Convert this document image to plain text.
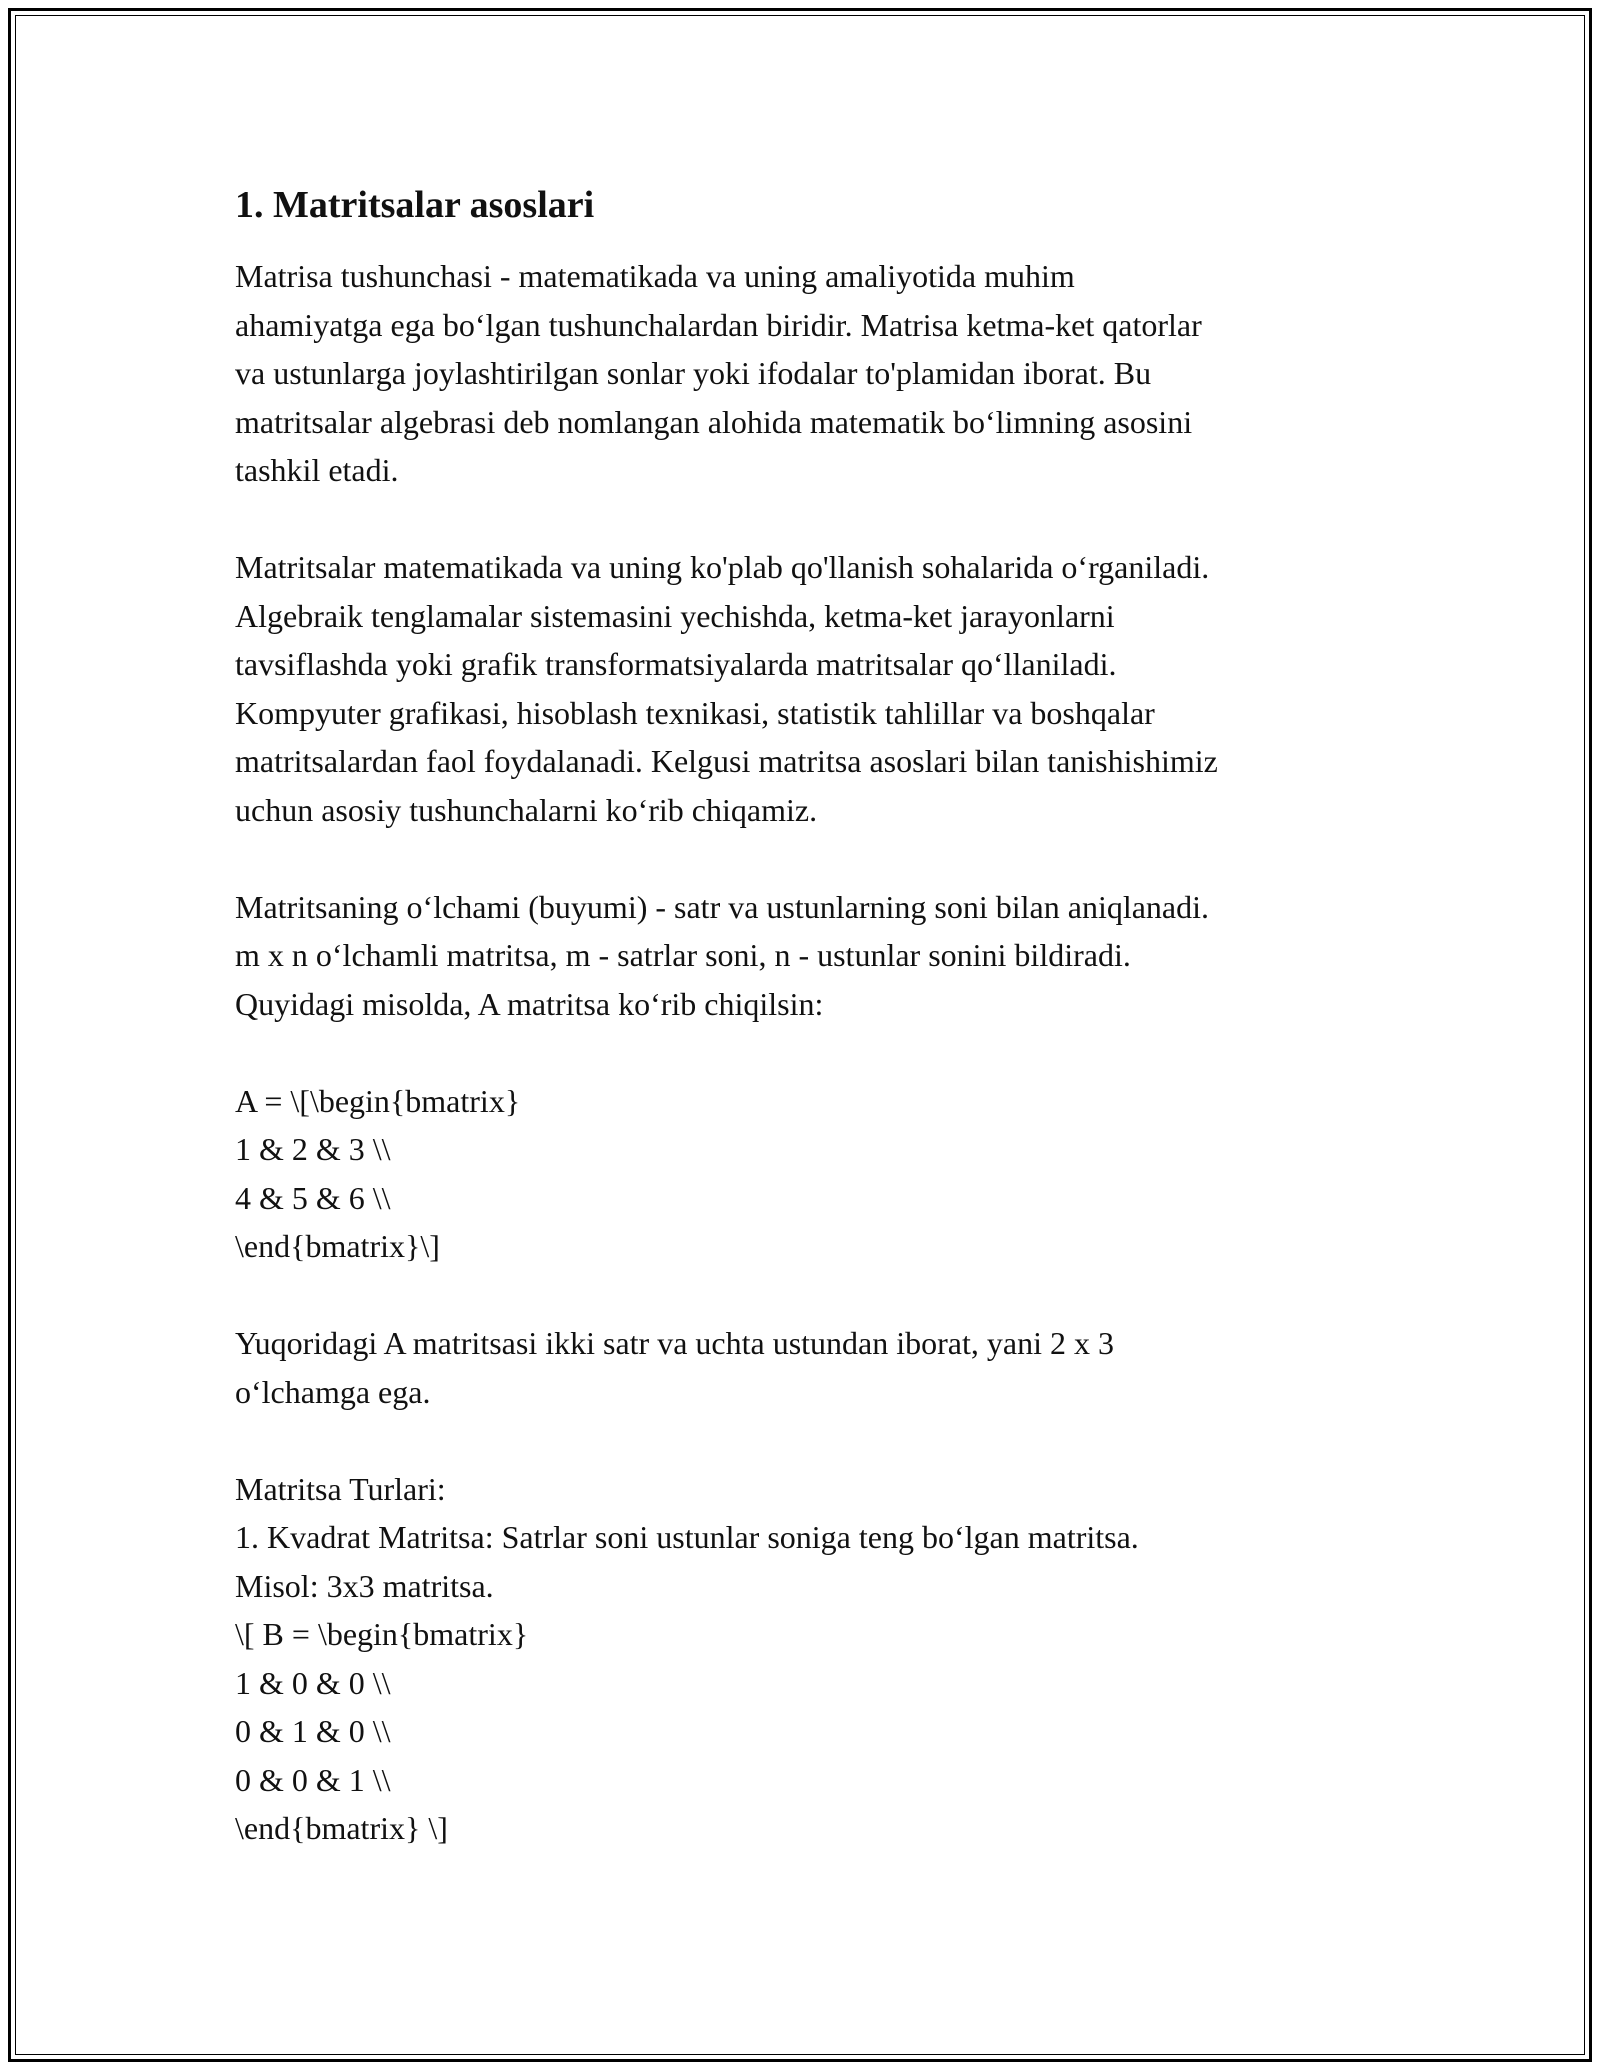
1. Matritsalar asoslari

Matrisa tushunchasi - matematikada va uning amaliyotida muhim
ahamiyatga ega bo‘lgan tushunchalardan biridir. Matrisa ketma-ket qatorlar
va ustunlarga joylashtirilgan sonlar yoki ifodalar to'plamidan iborat. Bu
matritsalar algebrasi deb nomlangan alohida matematik bo‘limning asosini
tashkil etadi.

Matritsalar matematikada va uning ko'plab qo'llanish sohalarida o‘rganiladi.
Algebraik tenglamalar sistemasini yechishda, ketma-ket jarayonlarni
tavsiflashda yoki grafik transformatsiyalarda matritsalar qo‘llaniladi.
Kompyuter grafikasi, hisoblash texnikasi, statistik tahlillar va boshqalar
matritsalardan faol foydalanadi. Kelgusi matritsa asoslari bilan tanishishimiz
uchun asosiy tushunchalarni ko‘rib chiqamiz.

Matritsaning o‘lchami (buyumi) - satr va ustunlarning soni bilan aniqlanadi.
m x n o‘lchamli matritsa, m - satrlar soni, n - ustunlar sonini bildiradi.
Quyidagi misolda, A matritsa ko‘rib chiqilsin:

A = \[\begin{bmatrix}
1 & 2 & 3 \\
4 & 5 & 6 \\
\end{bmatrix}\]

Yuqoridagi A matritsasi ikki satr va uchta ustundan iborat, yani 2 x 3
o‘lchamga ega.

Matritsa Turlari:
1. Kvadrat Matritsa: Satrlar soni ustunlar soniga teng bo‘lgan matritsa.
Misol: 3x3 matritsa.
\[ B = \begin{bmatrix}
1 & 0 & 0 \\
0 & 1 & 0 \\
0 & 0 & 1 \\
\end{bmatrix} \]
